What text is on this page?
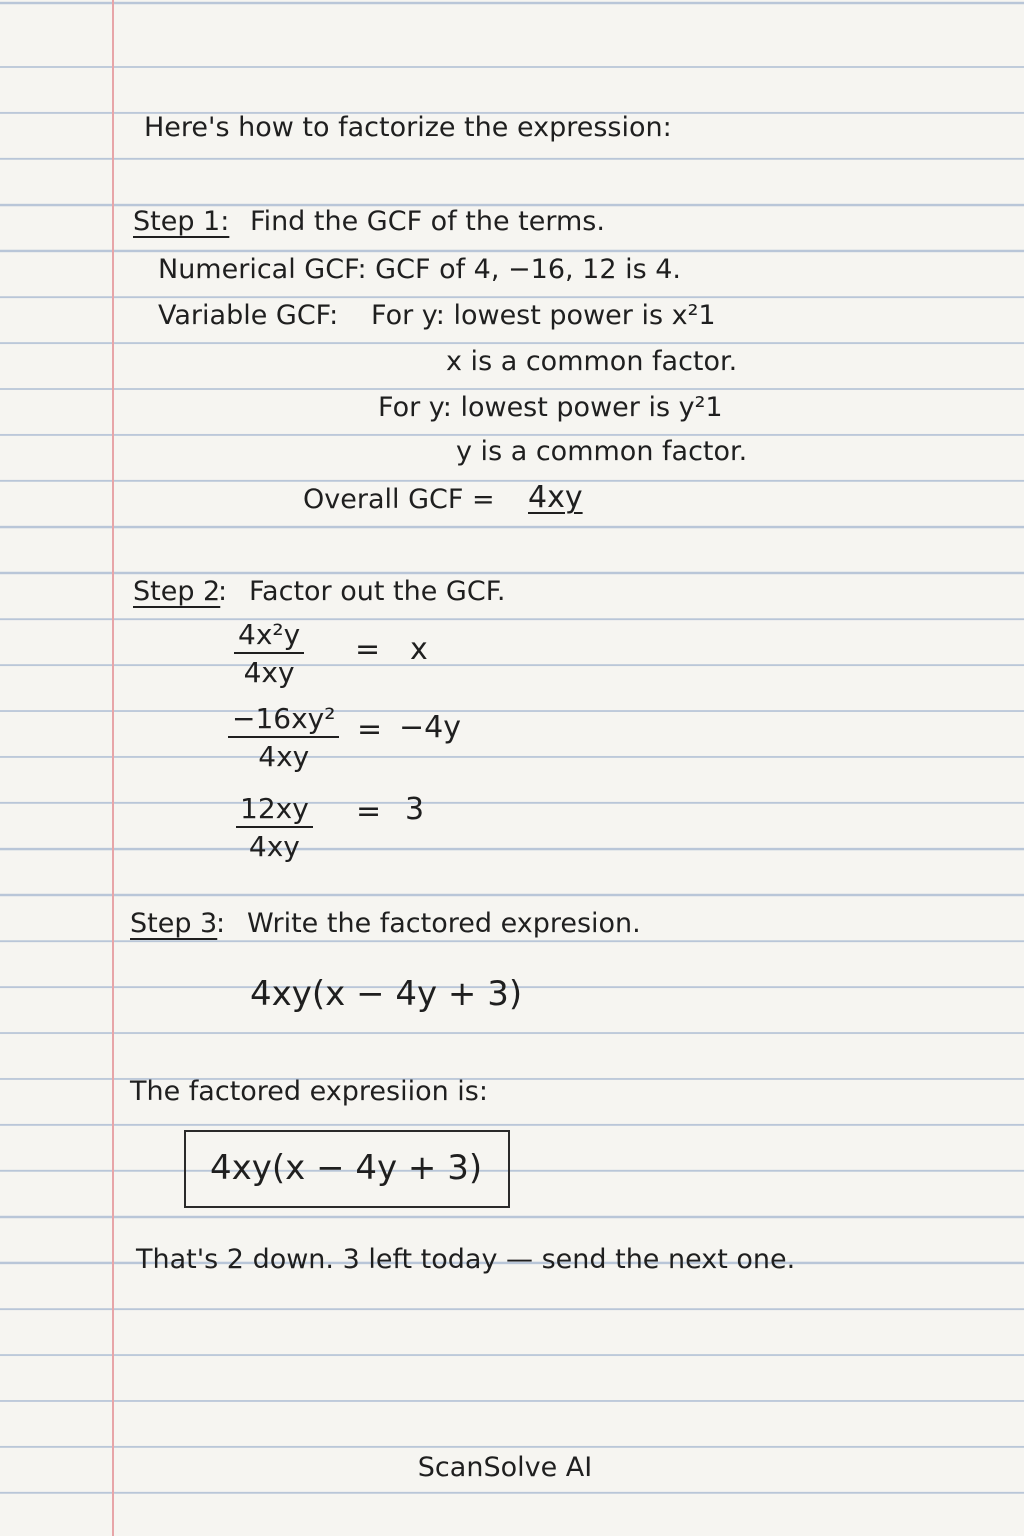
Here's how to factorize the expression:
Step 1: Find the GCF of the terms.
Numerical GCF: GCF of 4, −16, 12 is 4.
Variable GCF: For y: lowest power is x²1
x is a common factor.
For y: lowest power is y²1
y is a common factor.
Overall GCF = 4xy
Step 2
: Factor out the GCF.
$\frac{\text{4x²y}}{4xy} = x$
$\frac{\text{−16xy²}}{4xy} = -4y$
$\frac{12xy}{4xy} = 3$
Step 3
: Write the factored expresion.
4xy(x − 4y + 3)
The factored expresiion is:
4xy(x − 4y + 3)
That's 2 down. 3 left today — send the next one.
ScanSolve AI
